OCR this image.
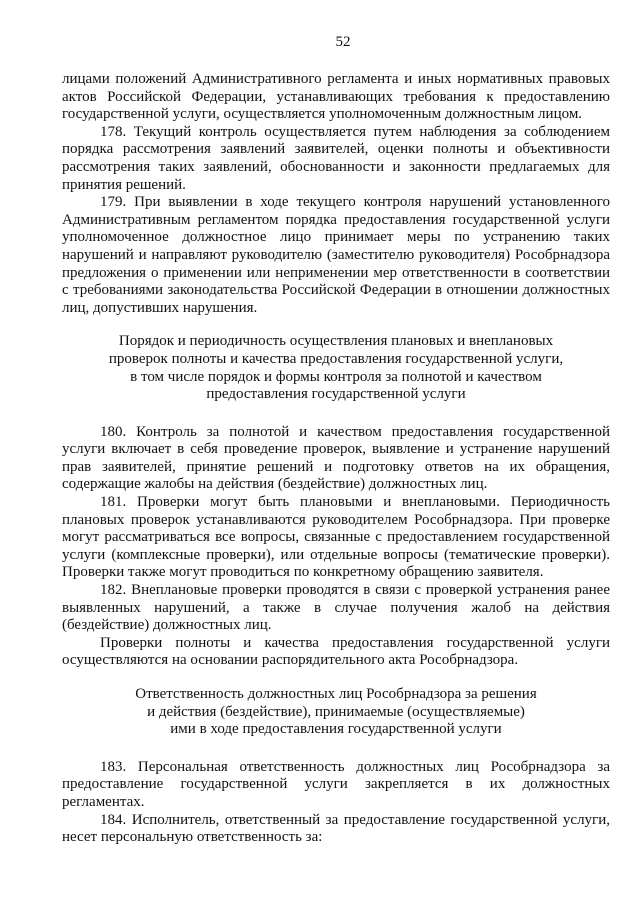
52

лицами положений Административного регламента и иных нормативных правовых актов Российской Федерации, устанавливающих требования к предоставлению государственной услуги, осуществляется уполномоченным должностным лицом.

178. Текущий контроль осуществляется путем наблюдения за соблюдением порядка рассмотрения заявлений заявителей, оценки полноты и объективности рассмотрения таких заявлений, обоснованности и законности предлагаемых для принятия решений.

179. При выявлении в ходе текущего контроля нарушений установленного Административным регламентом порядка предоставления государственной услуги уполномоченное должностное лицо принимает меры по устранению таких нарушений и направляют руководителю (заместителю руководителя) Рособрнадзора предложения о применении или неприменении мер ответственности в соответствии с требованиями законодательства Российской Федерации в отношении должностных лиц, допустивших нарушения.

Порядок и периодичность осуществления плановых и внеплановых
проверок полноты и качества предоставления государственной услуги,
в том числе порядок и формы контроля за полнотой и качеством
предоставления государственной услуги

180. Контроль за полнотой и качеством предоставления государственной услуги включает в себя проведение проверок, выявление и устранение нарушений прав заявителей, принятие решений и подготовку ответов на их обращения, содержащие жалобы на действия (бездействие) должностных лиц.

181. Проверки могут быть плановыми и внеплановыми. Периодичность плановых проверок устанавливаются руководителем Рособрнадзора. При проверке могут рассматриваться все вопросы, связанные с предоставлением государственной услуги (комплексные проверки), или отдельные вопросы (тематические проверки). Проверки также могут проводиться по конкретному обращению заявителя.

182. Внеплановые проверки проводятся в связи с проверкой устранения ранее выявленных нарушений, а также в случае получения жалоб на действия (бездействие) должностных лиц.

Проверки полноты и качества предоставления государственной услуги осуществляются на основании распорядительного акта Рособрнадзора.

Ответственность должностных лиц Рособрнадзора за решения
и действия (бездействие), принимаемые (осуществляемые)
ими в ходе предоставления государственной услуги

183. Персональная ответственность должностных лиц Рособрнадзора за предоставление государственной услуги закрепляется в их должностных регламентах.

184. Исполнитель, ответственный за предоставление государственной услуги, несет персональную ответственность за:
